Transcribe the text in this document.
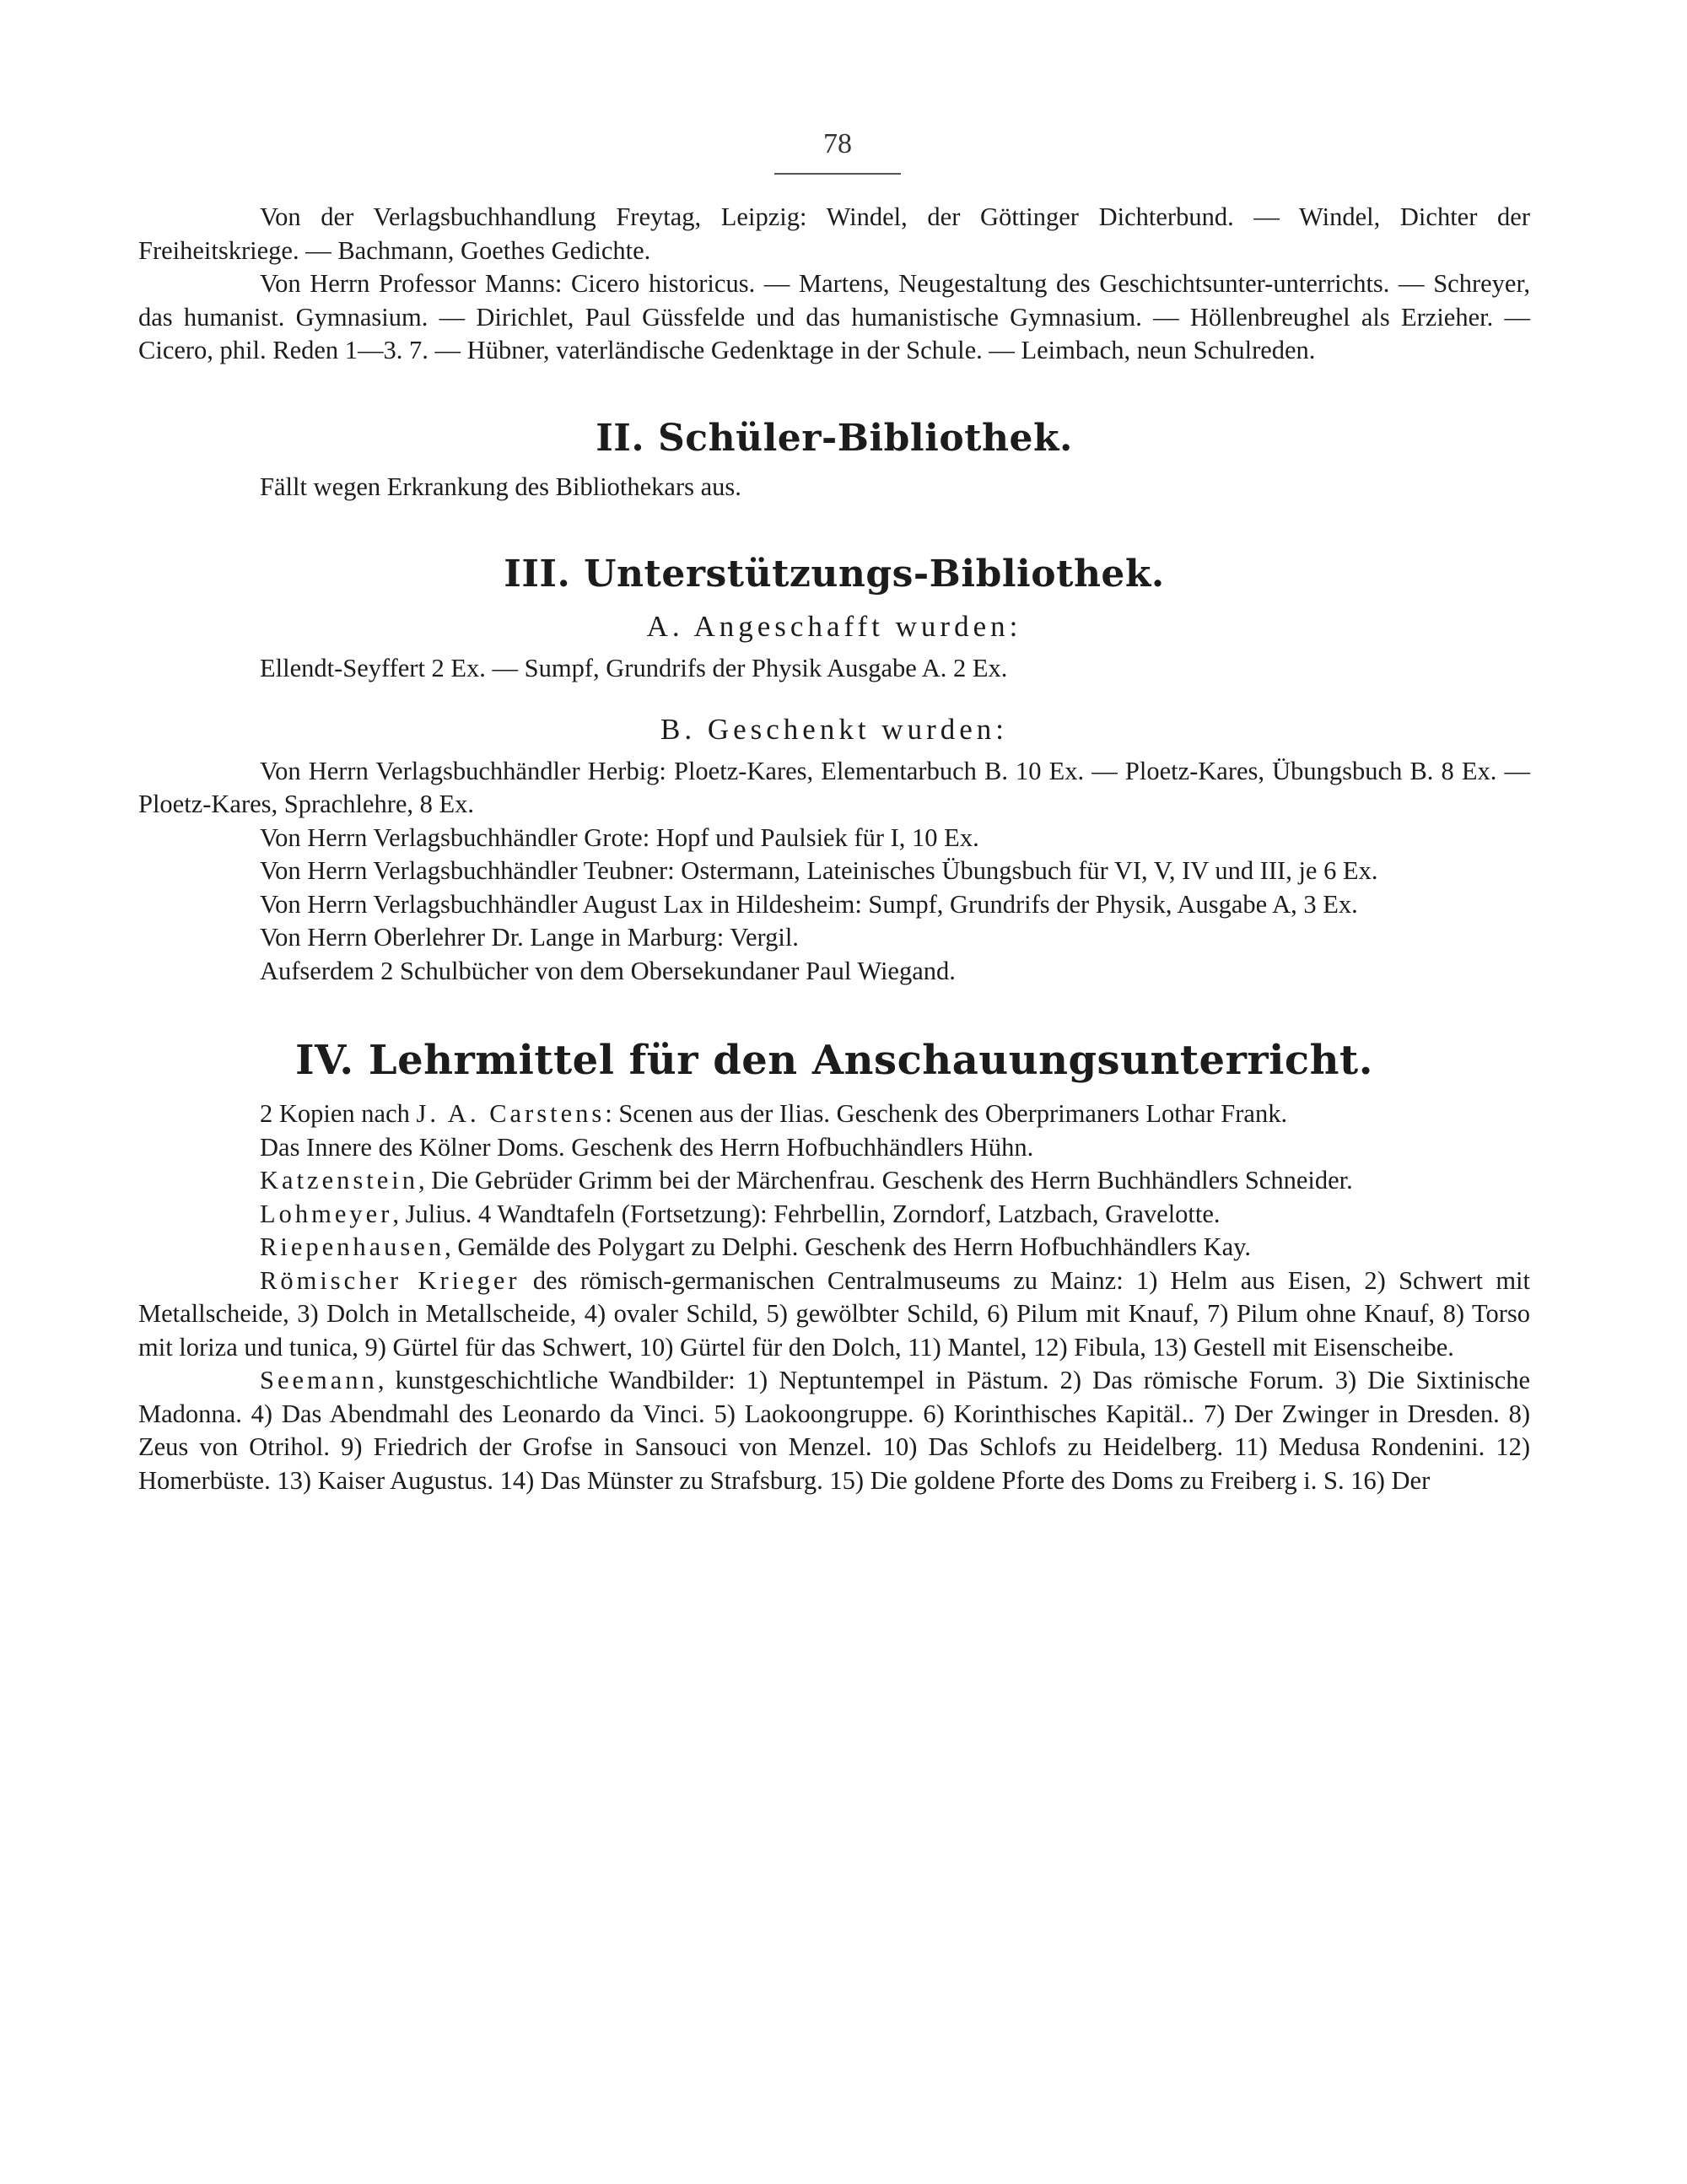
78

Von der Verlagsbuchhandlung Freytag, Leipzig: Windel, der Göttinger Dichterbund. — Windel, Dichter der Freiheitskriege. — Bachmann, Goethes Gedichte.

Von Herrn Professor Manns: Cicero historicus. — Martens, Neugestaltung des Geschichtsunter-unterrichts. — Schreyer, das humanist. Gymnasium. — Dirichlet, Paul Güssfelde und das humanistische Gymnasium. — Höllenbreughel als Erzieher. — Cicero, phil. Reden 1—3. 7. — Hübner, vaterländische Gedenktage in der Schule. — Leimbach, neun Schulreden.

II. Schüler-Bibliothek.

Fällt wegen Erkrankung des Bibliothekars aus.

III. Unterstützungs-Bibliothek.
A. Angeschafft wurden:

Ellendt-Seyffert 2 Ex. — Sumpf, Grundrifs der Physik Ausgabe A. 2 Ex.

B. Geschenkt wurden:

Von Herrn Verlagsbuchhändler Herbig: Ploetz-Kares, Elementarbuch B. 10 Ex. — Ploetz-Kares, Übungsbuch B. 8 Ex. — Ploetz-Kares, Sprachlehre, 8 Ex.

Von Herrn Verlagsbuchhändler Grote: Hopf und Paulsiek für I, 10 Ex.

Von Herrn Verlagsbuchhändler Teubner: Ostermann, Lateinisches Übungsbuch für VI, V, IV und III, je 6 Ex.

Von Herrn Verlagsbuchhändler August Lax in Hildesheim: Sumpf, Grundrifs der Physik, Ausgabe A, 3 Ex.

Von Herrn Oberlehrer Dr. Lange in Marburg: Vergil.

Aufserdem 2 Schulbücher von dem Obersekundaner Paul Wiegand.

IV. Lehrmittel für den Anschauungsunterricht.

2 Kopien nach J. A. Carstens: Scenen aus der Ilias. Geschenk des Oberprimaners Lothar Frank.

Das Innere des Kölner Doms. Geschenk des Herrn Hofbuchhändlers Hühn.

Katzenstein, Die Gebrüder Grimm bei der Märchenfrau. Geschenk des Herrn Buchhändlers Schneider.

Lohmeyer, Julius. 4 Wandtafeln (Fortsetzung): Fehrbellin, Zorndorf, Latzbach, Gravelotte.

Riepenhausen, Gemälde des Polygart zu Delphi. Geschenk des Herrn Hofbuchhändlers Kay.

Römischer Krieger des römisch-germanischen Centralmuseums zu Mainz: 1) Helm aus Eisen, 2) Schwert mit Metallscheide, 3) Dolch in Metallscheide, 4) ovaler Schild, 5) gewölbter Schild, 6) Pilum mit Knauf, 7) Pilum ohne Knauf, 8) Torso mit loriza und tunica, 9) Gürtel für das Schwert, 10) Gürtel für den Dolch, 11) Mantel, 12) Fibula, 13) Gestell mit Eisenscheibe.

Seemann, kunstgeschichtliche Wandbilder: 1) Neptuntempel in Pästum. 2) Das römische Forum. 3) Die Sixtinische Madonna. 4) Das Abendmahl des Leonardo da Vinci. 5) Laokoongruppe. 6) Korinthisches Kapitäl.. 7) Der Zwinger in Dresden. 8) Zeus von Otrihol. 9) Friedrich der Grofse in Sansouci von Menzel. 10) Das Schlofs zu Heidelberg. 11) Medusa Rondenini. 12) Homerbüste. 13) Kaiser Augustus. 14) Das Münster zu Strafsburg. 15) Die goldene Pforte des Doms zu Freiberg i. S. 16) Der
